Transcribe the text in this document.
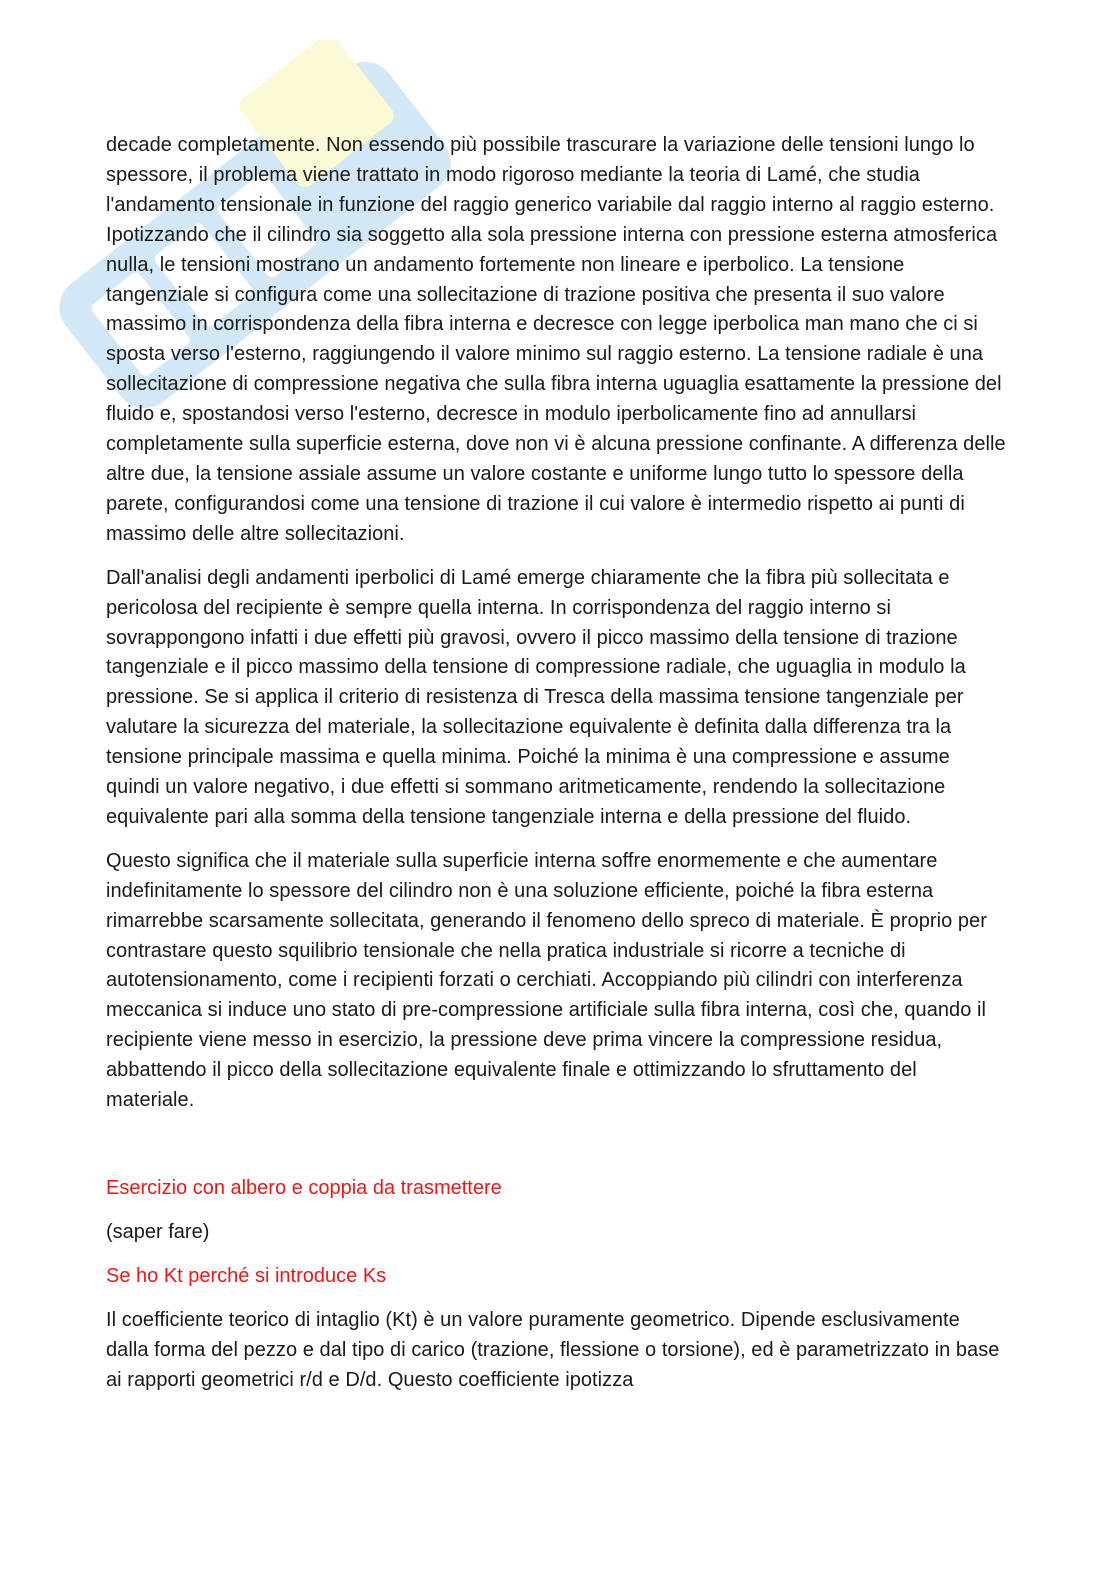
decade completamente. Non essendo più possibile trascurare la variazione delle tensioni lungo lo spessore, il problema viene trattato in modo rigoroso mediante la teoria di Lamé, che studia l'andamento tensionale in funzione del raggio generico variabile dal raggio interno al raggio esterno. Ipotizzando che il cilindro sia soggetto alla sola pressione interna con pressione esterna atmosferica nulla, le tensioni mostrano un andamento fortemente non lineare e iperbolico. La tensione tangenziale si configura come una sollecitazione di trazione positiva che presenta il suo valore massimo in corrispondenza della fibra interna e decresce con legge iperbolica man mano che ci si sposta verso l'esterno, raggiungendo il valore minimo sul raggio esterno. La tensione radiale è una sollecitazione di compressione negativa che sulla fibra interna uguaglia esattamente la pressione del fluido e, spostandosi verso l'esterno, decresce in modulo iperbolicamente fino ad annullarsi completamente sulla superficie esterna, dove non vi è alcuna pressione confinante. A differenza delle altre due, la tensione assiale assume un valore costante e uniforme lungo tutto lo spessore della parete, configurandosi come una tensione di trazione il cui valore è intermedio rispetto ai punti di massimo delle altre sollecitazioni.

Dall'analisi degli andamenti iperbolici di Lamé emerge chiaramente che la fibra più sollecitata e pericolosa del recipiente è sempre quella interna. In corrispondenza del raggio interno si sovrappongono infatti i due effetti più gravosi, ovvero il picco massimo della tensione di trazione tangenziale e il picco massimo della tensione di compressione radiale, che uguaglia in modulo la pressione. Se si applica il criterio di resistenza di Tresca della massima tensione tangenziale per valutare la sicurezza del materiale, la sollecitazione equivalente è definita dalla differenza tra la tensione principale massima e quella minima. Poiché la minima è una compressione e assume quindi un valore negativo, i due effetti si sommano aritmeticamente, rendendo la sollecitazione equivalente pari alla somma della tensione tangenziale interna e della pressione del fluido.

Questo significa che il materiale sulla superficie interna soffre enormemente e che aumentare indefinitamente lo spessore del cilindro non è una soluzione efficiente, poiché la fibra esterna rimarrebbe scarsamente sollecitata, generando il fenomeno dello spreco di materiale. È proprio per contrastare questo squilibrio tensionale che nella pratica industriale si ricorre a tecniche di autotensionamento, come i recipienti forzati o cerchiati. Accoppiando più cilindri con interferenza meccanica si induce uno stato di pre-compressione artificiale sulla fibra interna, così che, quando il recipiente viene messo in esercizio, la pressione deve prima vincere la compressione residua, abbattendo il picco della sollecitazione equivalente finale e ottimizzando lo sfruttamento del materiale.

Esercizio con albero e coppia da trasmettere

(saper fare)

Se ho Kt perché si introduce Ks

Il coefficiente teorico di intaglio (Kt) è un valore puramente geometrico. Dipende esclusivamente dalla forma del pezzo e dal tipo di carico (trazione, flessione o torsione), ed è parametrizzato in base ai rapporti geometrici r/d e D/d. Questo coefficiente ipotizza
